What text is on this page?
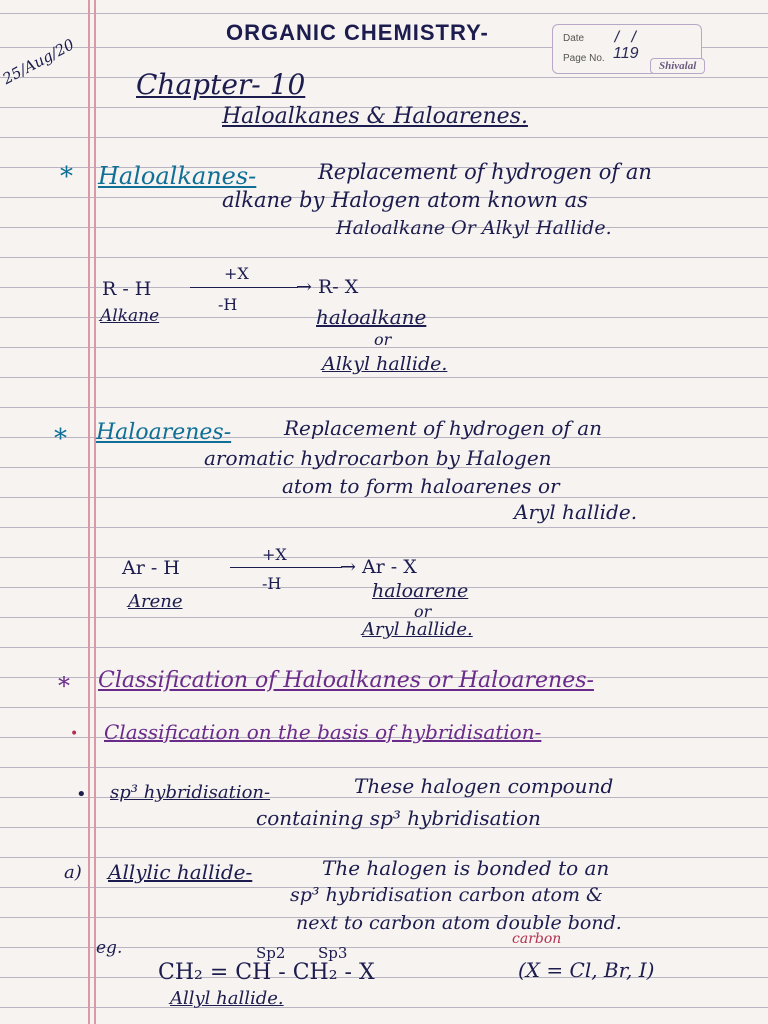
Date / /
Page No. 119
Shivalal
ORGANIC CHEMISTRY-
25/Aug/20 Chapter- 10
Haloalkanes & Haloarenes.
* Haloalkanes-	Replacement of hydrogen of an
alkane by Halogen atom known as
Haloalkane Or Alkyl Hallide.
R - H
+X
-H
→ R- X
Alkane	haloalkane
or
Alkyl hallide.
* Haloarenes-	Replacement of hydrogen of an
aromatic hydrocarbon by Halogen
atom to form haloarenes or
Aryl hallide.
Ar - H
+X
-H
→ Ar - X
Arene	haloarene
or
Aryl hallide.
* Classification of Haloalkanes or Haloarenes-
• Classification on the basis of hybridisation-
• sp³ hybridisation-	These halogen compound
containing sp³ hybridisation
a) Allylic hallide-	The halogen is bonded to an
sp³ hybridisation carbon atom &
next to carbon atom double bond.
carbon
eg.	Sp2 Sp3
CH₂ = CH - CH₂ - X	(X = Cl, Br, I)
Allyl hallide.
